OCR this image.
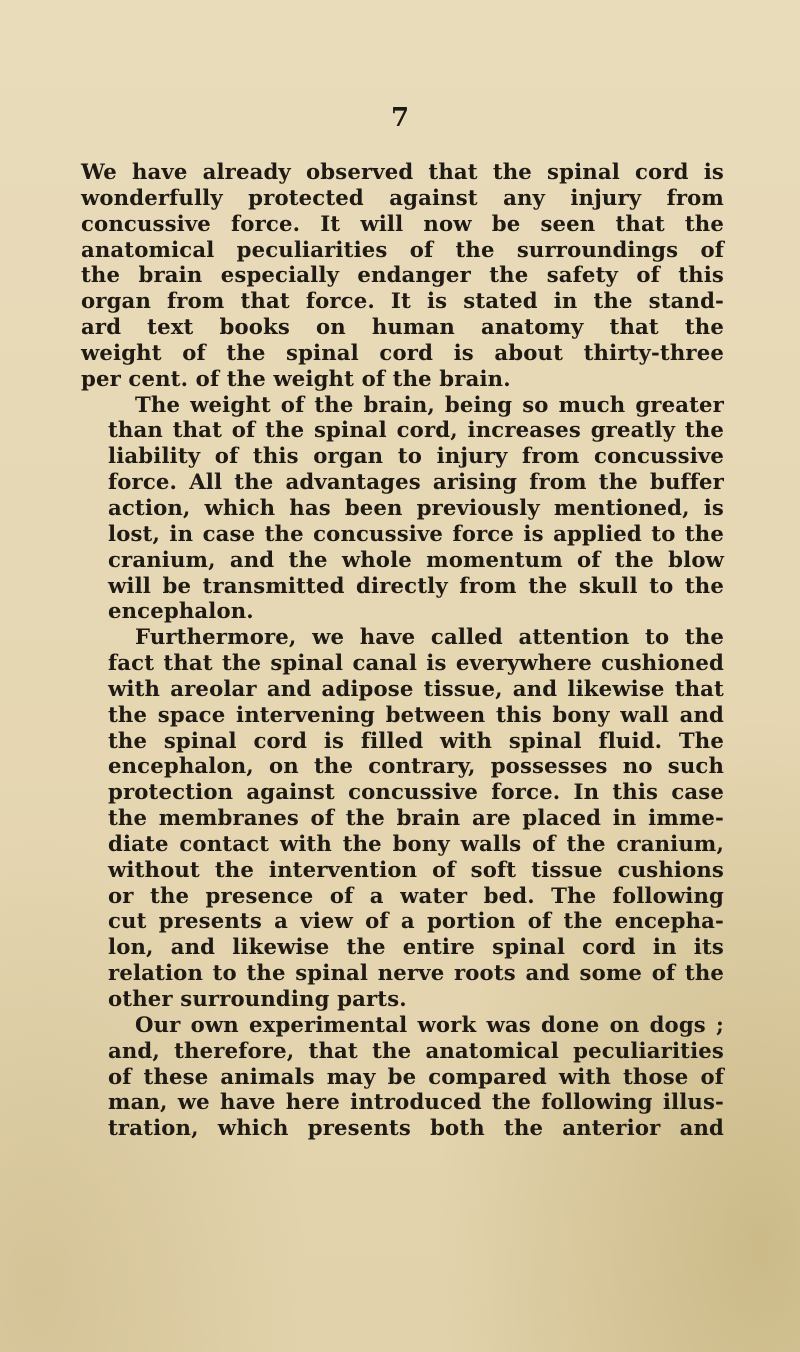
7
We have already observed that the spinal cord is
wonderfully protected against any injury from
concussive force. It will now be seen that the
anatomical peculiarities of the surroundings of
the brain especially endanger the safety of this
organ from that force. It is stated in the stand-
ard text books on human anatomy that the
weight of the spinal cord is about thirty-three
per cent. of the weight of the brain.
The weight of the brain, being so much greater
than that of the spinal cord, increases greatly the
liability of this organ to injury from concussive
force. All the advantages arising from the buffer
action, which has been previously mentioned, is
lost, in case the concussive force is applied to the
cranium, and the whole momentum of the blow
will be transmitted directly from the skull to the
encephalon.
Furthermore, we have called attention to the
fact that the spinal canal is everywhere cushioned
with areolar and adipose tissue, and likewise that
the space intervening between this bony wall and
the spinal cord is filled with spinal fluid. The
encephalon, on the contrary, possesses no such
protection against concussive force. In this case
the membranes of the brain are placed in imme-
diate contact with the bony walls of the cranium,
without the intervention of soft tissue cushions
or the presence of a water bed. The following
cut presents a view of a portion of the encepha-
lon, and likewise the entire spinal cord in its
relation to the spinal nerve roots and some of the
other surrounding parts.
Our own experimental work was done on dogs ;
and, therefore, that the anatomical peculiarities
of these animals may be compared with those of
man, we have here introduced the following illus-
tration, which presents both the anterior and
